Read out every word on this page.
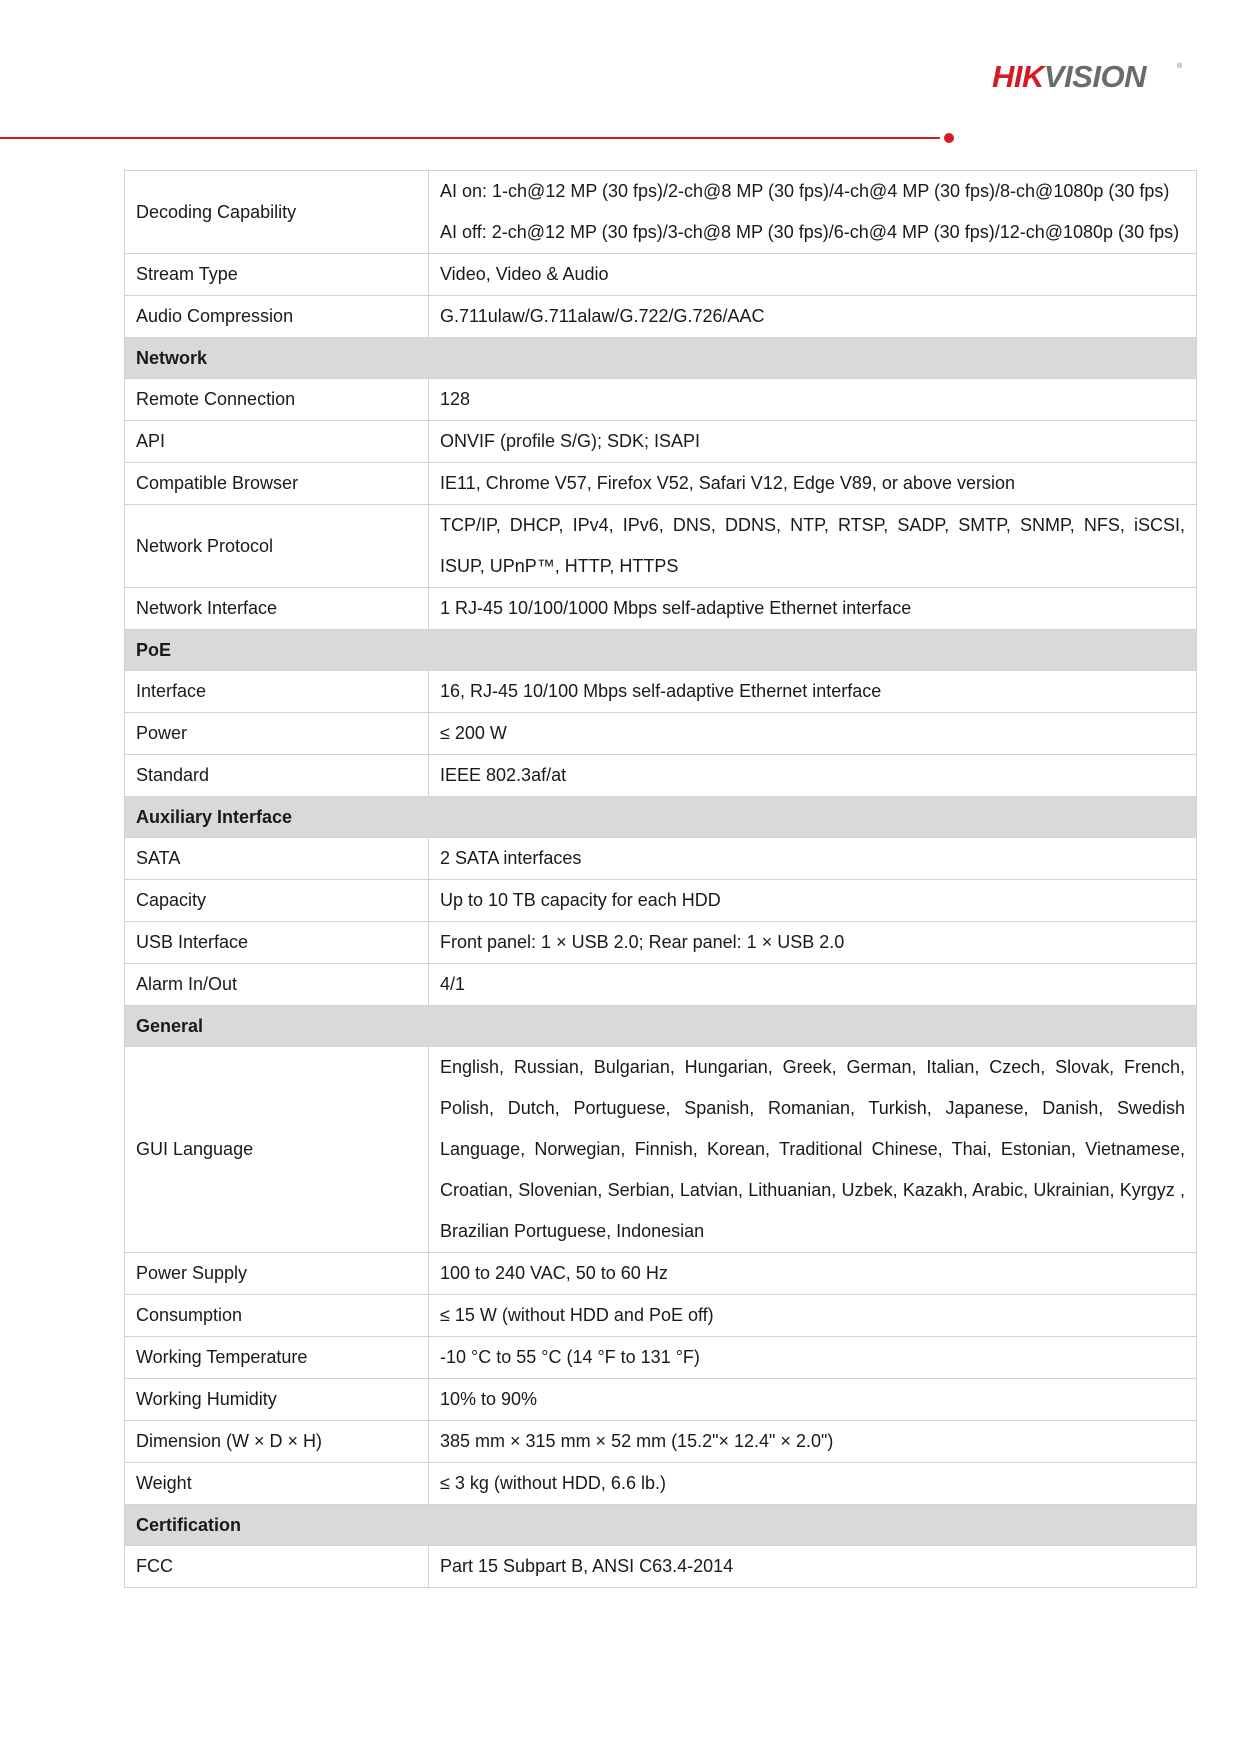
HIKVISION	®
Decoding Capability	AI on: 1-ch@12 MP (30 fps)/2-ch@8 MP (30 fps)/4-ch@4 MP (30 fps)/8-ch@1080p (30 fps)
AI off: 2-ch@12 MP (30 fps)/3-ch@8 MP (30 fps)/6-ch@4 MP (30 fps)/12-ch@1080p (30 fps)

Stream Type	Video, Video & Audio

Audio Compression	G.711ulaw/G.711alaw/G.722/G.726/AAC

Network	
Remote Connection	128

API	ONVIF (profile S/G); SDK; ISAPI

Compatible Browser	IE11, Chrome V57, Firefox V52, Safari V12, Edge V89, or above version

Network Protocol	TCP/IP, DHCP, IPv4, IPv6, DNS, DDNS, NTP, RTSP, SADP, SMTP, SNMP, NFS, iSCSI, ISUP, UPnP™, HTTP, HTTPS

Network Interface	1 RJ-45 10/100/1000 Mbps self-adaptive Ethernet interface

PoE	
Interface	16, RJ-45 10/100 Mbps self-adaptive Ethernet interface

Power	≤ 200 W

Standard	IEEE 802.3af/at

Auxiliary Interface	
SATA	2 SATA interfaces

Capacity	Up to 10 TB capacity for each HDD

USB Interface	Front panel: 1 × USB 2.0; Rear panel: 1 × USB 2.0

Alarm In/Out	4/1

General	
GUI Language	English, Russian, Bulgarian, Hungarian, Greek, German, Italian, Czech, Slovak, French, Polish, Dutch, Portuguese, Spanish, Romanian, Turkish, Japanese, Danish, Swedish Language, Norwegian, Finnish, Korean, Traditional Chinese, Thai, Estonian, Vietnamese, Croatian, Slovenian, Serbian, Latvian, Lithuanian, Uzbek, Kazakh, Arabic, Ukrainian, Kyrgyz , Brazilian Portuguese, Indonesian

Power Supply	100 to 240 VAC, 50 to 60 Hz

Consumption	≤ 15 W (without HDD and PoE off)

Working Temperature	-10 °C to 55 °C (14 °F to 131 °F)

Working Humidity	10% to 90%

Dimension (W × D × H)	385 mm × 315 mm × 52 mm (15.2"× 12.4" × 2.0")

Weight	≤ 3 kg (without HDD, 6.6 lb.)

Certification	
FCC	Part 15 Subpart B, ANSI C63.4-2014
